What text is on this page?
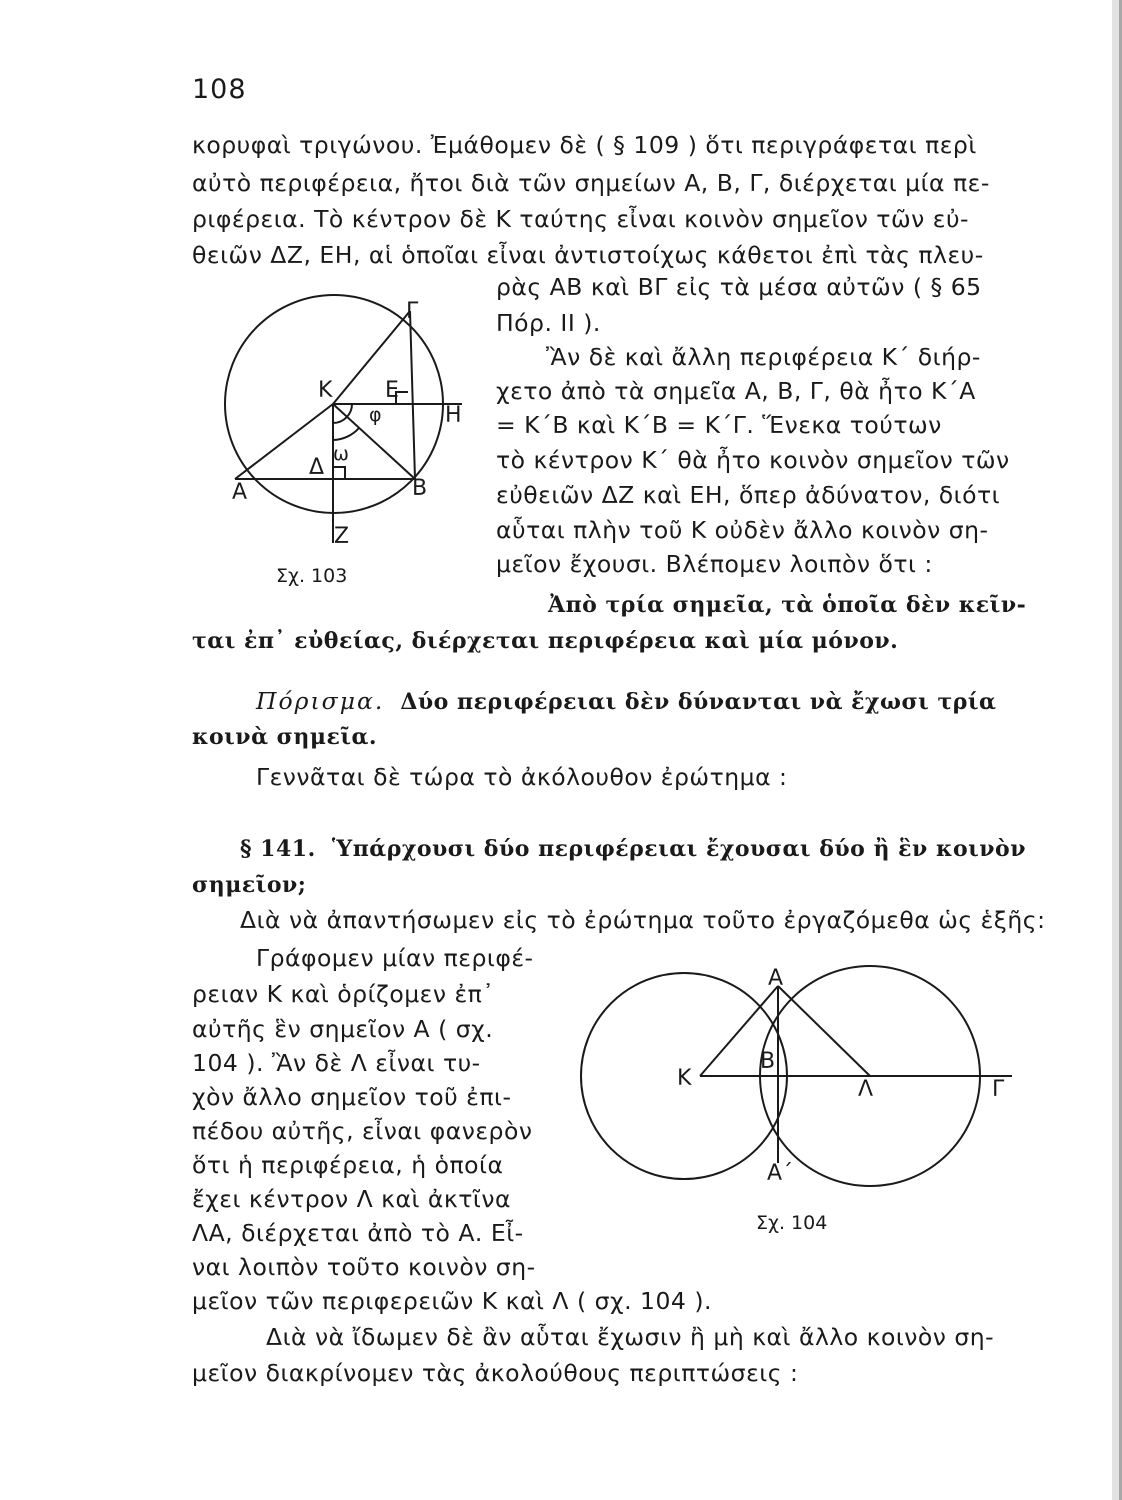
108
κορυφαὶ τριγώνου. Ἐμάθομεν δὲ ( § 109 ) ὅτι περιγράφεται περὶ
αὐτὸ περιφέρεια, ἤτοι διὰ τῶν σημείων Α, Β, Γ, διέρχεται μία πε-
ριφέρεια. Τὸ κέντρον δὲ Κ ταύτης εἶναι κοινὸν σημεῖον τῶν εὐ-
θειῶν ΔΖ, ΕΗ, αἱ ὁποῖαι εἶναι ἀντιστοίχως κάθετοι ἐπὶ τὰς πλευ-
ρὰς ΑΒ καὶ ΒΓ εἰς τὰ μέσα αὐτῶν ( § 65
Πόρ. ΙΙ ).
Ἂν δὲ καὶ ἄλλη περιφέρεια Κ΄ διήρ-
χετο ἀπὸ τὰ σημεῖα Α, Β, Γ, θὰ ἦτο Κ΄Α
= Κ΄Β καὶ Κ΄Β = Κ΄Γ. Ἕνεκα τούτων
τὸ κέντρον Κ΄ θὰ ἦτο κοινὸν σημεῖον τῶν
εὐθειῶν ΔΖ καὶ ΕΗ, ὅπερ ἀδύνατον, διότι
αὗται πλὴν τοῦ Κ οὐδὲν ἄλλο κοινὸν ση-
μεῖον ἔχουσι. Βλέπομεν λοιπὸν ὅτι :
Ἀπὸ τρία σημεῖα, τὰ ὁποῖα δὲν κεῖν-
ται ἐπ᾿ εὐθείας, διέρχεται περιφέρεια καὶ μία μόνον.
Πόρισμα. Δύο περιφέρειαι δὲν δύνανται νὰ ἔχωσι τρία
κοινὰ σημεῖα.
Γεννᾶται δὲ τώρα τὸ ἀκόλουθον ἐρώτημα :
§ 141. Ὑπάρχουσι δύο περιφέρειαι ἔχουσαι δύο ἢ ἓν κοινὸν
σημεῖον;
Διὰ νὰ ἀπαντήσωμεν εἰς τὸ ἐρώτημα τοῦτο ἐργαζόμεθα ὡς ἑξῆς:
Γράφομεν μίαν περιφέ-
ρειαν Κ καὶ ὁρίζομεν ἐπ᾿
αὐτῆς ἓν σημεῖον Α ( σχ.
104 ). Ἂν δὲ Λ εἶναι τυ-
χὸν ἄλλο σημεῖον τοῦ ἐπι-
πέδου αὐτῆς, εἶναι φανερὸν
ὅτι ἡ περιφέρεια, ἡ ὁποία
ἔχει κέντρον Λ καὶ ἀκτῖνα
ΛΑ, διέρχεται ἀπὸ τὸ Α. Εἶ-
ναι λοιπὸν τοῦτο κοινὸν ση-
μεῖον τῶν περιφερειῶν Κ καὶ Λ ( σχ. 104 ).
Διὰ νὰ ἴδωμεν δὲ ἂν αὗται ἔχωσιν ἢ μὴ καὶ ἄλλο κοινὸν ση-
μεῖον διακρίνομεν τὰς ἀκολούθους περιπτώσεις :
Γ
Κ Ε
Η
φ
ω
Δ
Α	Β
Ζ
Σχ. 103
Α
Β
Κ	Λ	Γ
Α΄
Σχ. 104
